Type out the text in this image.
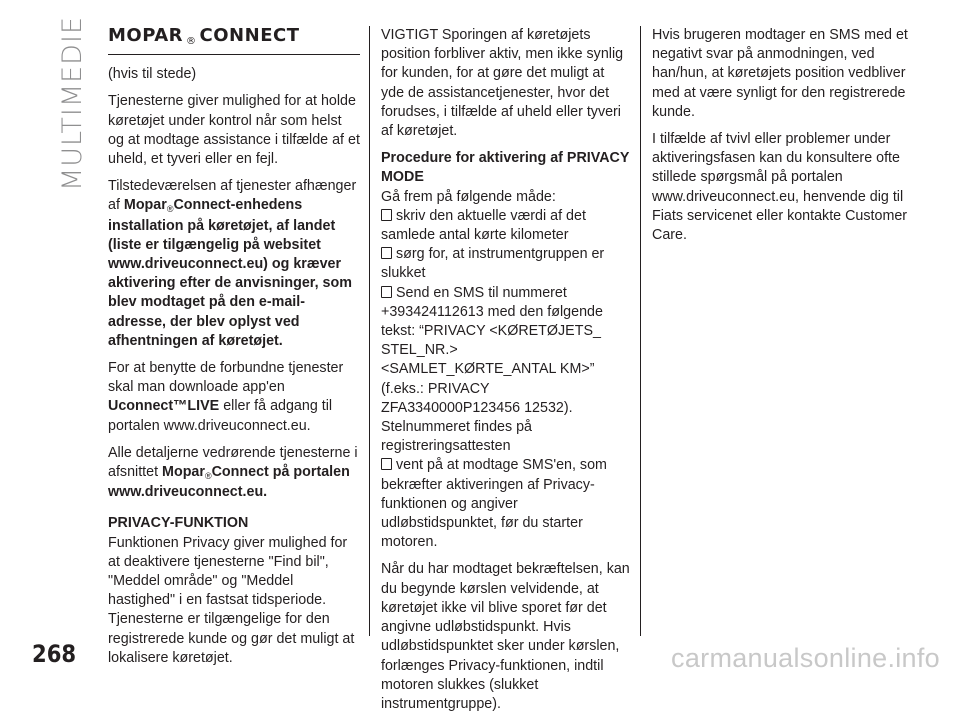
MULTIMEDIE MOPAR ® CONNECT

(hvis til stede)

Tjenesterne giver mulighed for at holde køretøjet under kontrol når som helst og at modtage assistance i tilfælde af et uheld, et tyveri eller en fejl.

Tilstedeværelsen af tjenester afhænger af Mopar$_®$Connect-enhedens installation på køretøjet, af landet (liste er tilgængelig på websitet www.driveuconnect.eu) og kræver aktivering efter de anvisninger, som blev modtaget på den e-mail-adresse, der blev oplyst ved afhentningen af køretøjet.

For at benytte de forbundne tjenester skal man downloade app'en Uconnect™LIVE eller få adgang til portalen www.driveuconnect.eu.

Alle detaljerne vedrørende tjenesterne i afsnittet Mopar$_®$Connect på portalen www.driveuconnect.eu.

PRIVACY-FUNKTION

Funktionen Privacy giver mulighed for at deaktivere tjenesterne "Find bil", "Meddel område" og "Meddel hastighed" i en fastsat tidsperiode. Tjenesterne er tilgængelige for den registrerede kunde og gør det muligt at lokalisere køretøjet.

VIGTIGT Sporingen af køretøjets position forbliver aktiv, men ikke synlig for kunden, for at gøre det muligt at yde de assistancetjenester, hvor det forudses, i tilfælde af uheld eller tyveri af køretøjet.

Procedure for aktivering af PRIVACY MODE

Gå frem på følgende måde:

skriv den aktuelle værdi af det samlede antal kørte kilometer

sørg for, at instrumentgruppen er slukket

Send en SMS til nummeret +393424112613 med den følgende tekst: “PRIVACY <KØRETØJETS_ STEL_NR.> <SAMLET_KØRTE_ANTAL KM>” (f.eks.: PRIVACY ZFA3340000P123456 12532). Stelnummeret findes på registreringsattesten

vent på at modtage SMS'en, som bekræfter aktiveringen af Privacy-funktionen og angiver udløbstidspunktet, før du starter motoren.

Når du har modtaget bekræftelsen, kan du begynde kørslen velvidende, at køretøjet ikke vil blive sporet før det angivne udløbstidspunkt. Hvis udløbstidspunktet sker under kørslen, forlænges Privacy-funktionen, indtil motoren slukkes (slukket instrumentgruppe).

Hvis brugeren modtager en SMS med et negativt svar på anmodningen, ved han/hun, at køretøjets position vedbliver med at være synligt for den registrerede kunde.

I tilfælde af tvivl eller problemer under aktiveringsfasen kan du konsultere ofte stillede spørgsmål på portalen www.driveuconnect.eu, henvende dig til Fiats servicenet eller kontakte Customer Care.

268	carmanualsonline.info
